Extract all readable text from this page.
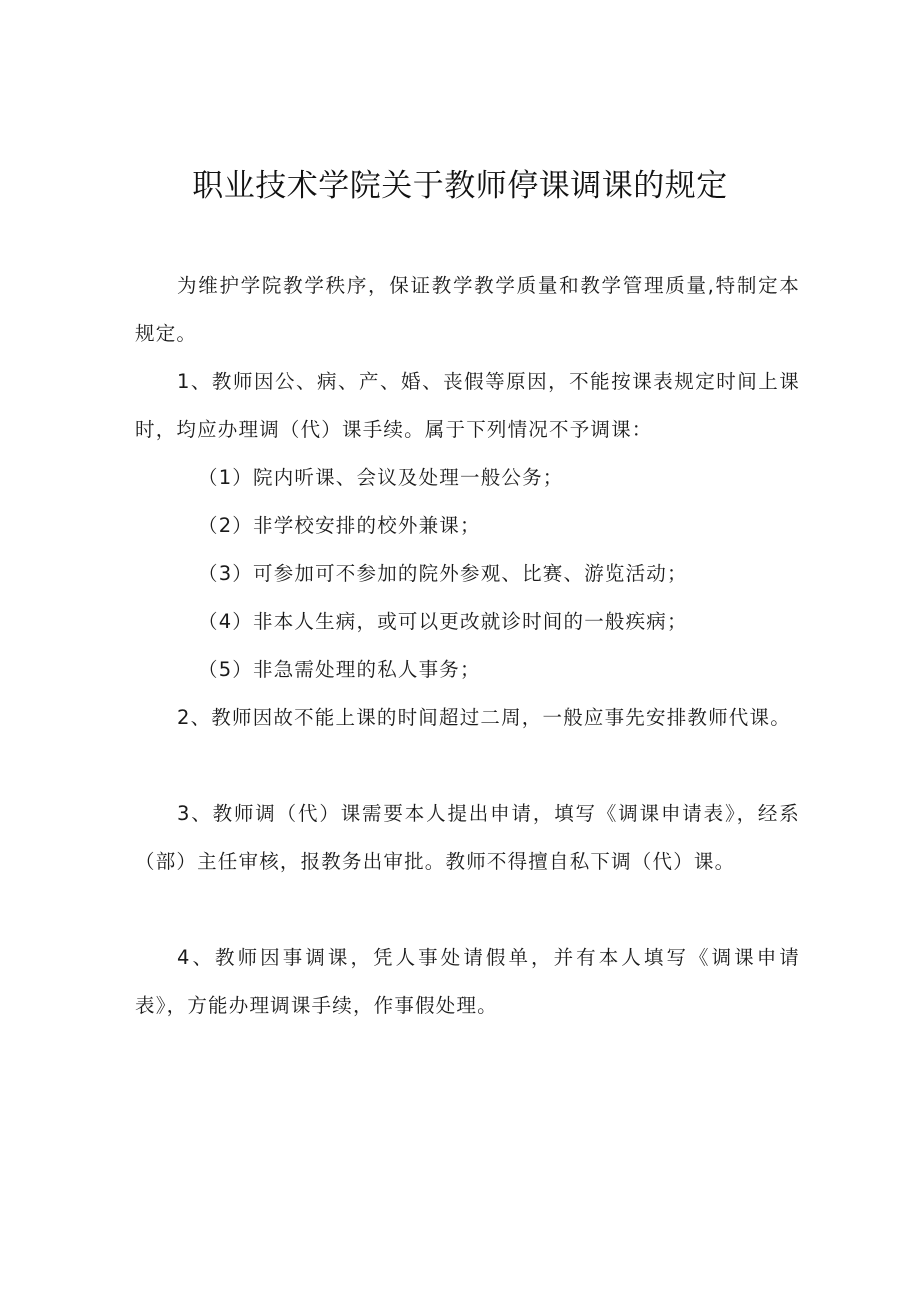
职业技术学院关于教师停课调课的规定

为维护学院教学秩序，保证教学教学质量和教学管理质量,特制定本规定。

1、教师因公、病、产、婚、丧假等原因，不能按课表规定时间上课时，均应办理调（代）课手续。属于下列情况不予调课：

（1）院内听课、会议及处理一般公务；

（2）非学校安排的校外兼课；

（3）可参加可不参加的院外参观、比赛、游览活动；

（4）非本人生病，或可以更改就诊时间的一般疾病；

（5）非急需处理的私人事务；

2、教师因故不能上课的时间超过二周，一般应事先安排教师代课。

3、教师调（代）课需要本人提出申请，填写《调课申请表》，经系（部）主任审核，报教务出审批。教师不得擅自私下调（代）课。

4、教师因事调课，凭人事处请假单，并有本人填写《调课申请表》，方能办理调课手续，作事假处理。
